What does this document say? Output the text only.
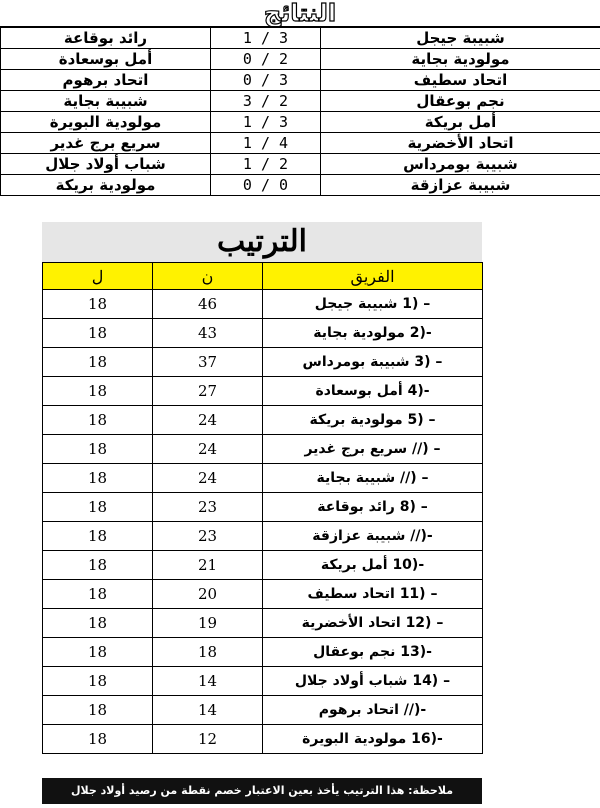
النتائج
شبيبة جيجل	1 / 3	رائد بوقاعة
مولودية بجاية	0 / 2	أمل بوسعادة
اتحاد سطيف	0 / 3	اتحاد برهوم
نجم بوعقال	3 / 2	شبيبة بجاية
أمل بريكة	1 / 3	مولودية البويرة
اتحاد الأخضرية	1 / 4	سريع برج غدير
شبيبة بومرداس	1 / 2	شباب أولاد جلال
شبيبة عزازقة	0 / 0	مولودية بريكة
الترتيب
ل	ن	الفريق
18	46	1) – شبيبة جيجل
18	43	2)- مولودية بجاية
18	37	3) – شبيبة بومرداس
18	27	4)- أمل بوسعادة
18	24	5) – مولودية بريكة
18	24	//) – سريع برج غدير
18	24	//) – شبيبة بجاية
18	23	8) – رائد بوقاعة
18	23	//)- شبيبة عزازقة
18	21	10)- أمل بريكة
18	20	11) – اتحاد سطيف
18	19	12) – اتحاد الأخضرية
18	18	13)- نجم بوعقال
18	14	14) – شباب أولاد جلال
18	14	//)- اتحاد برهوم
18	12	16)- مولودية البويرة
ملاحظة: هذا الترتيب يأخذ بعين الاعتبار خصم نقطة من رصيد أولاد جلال
